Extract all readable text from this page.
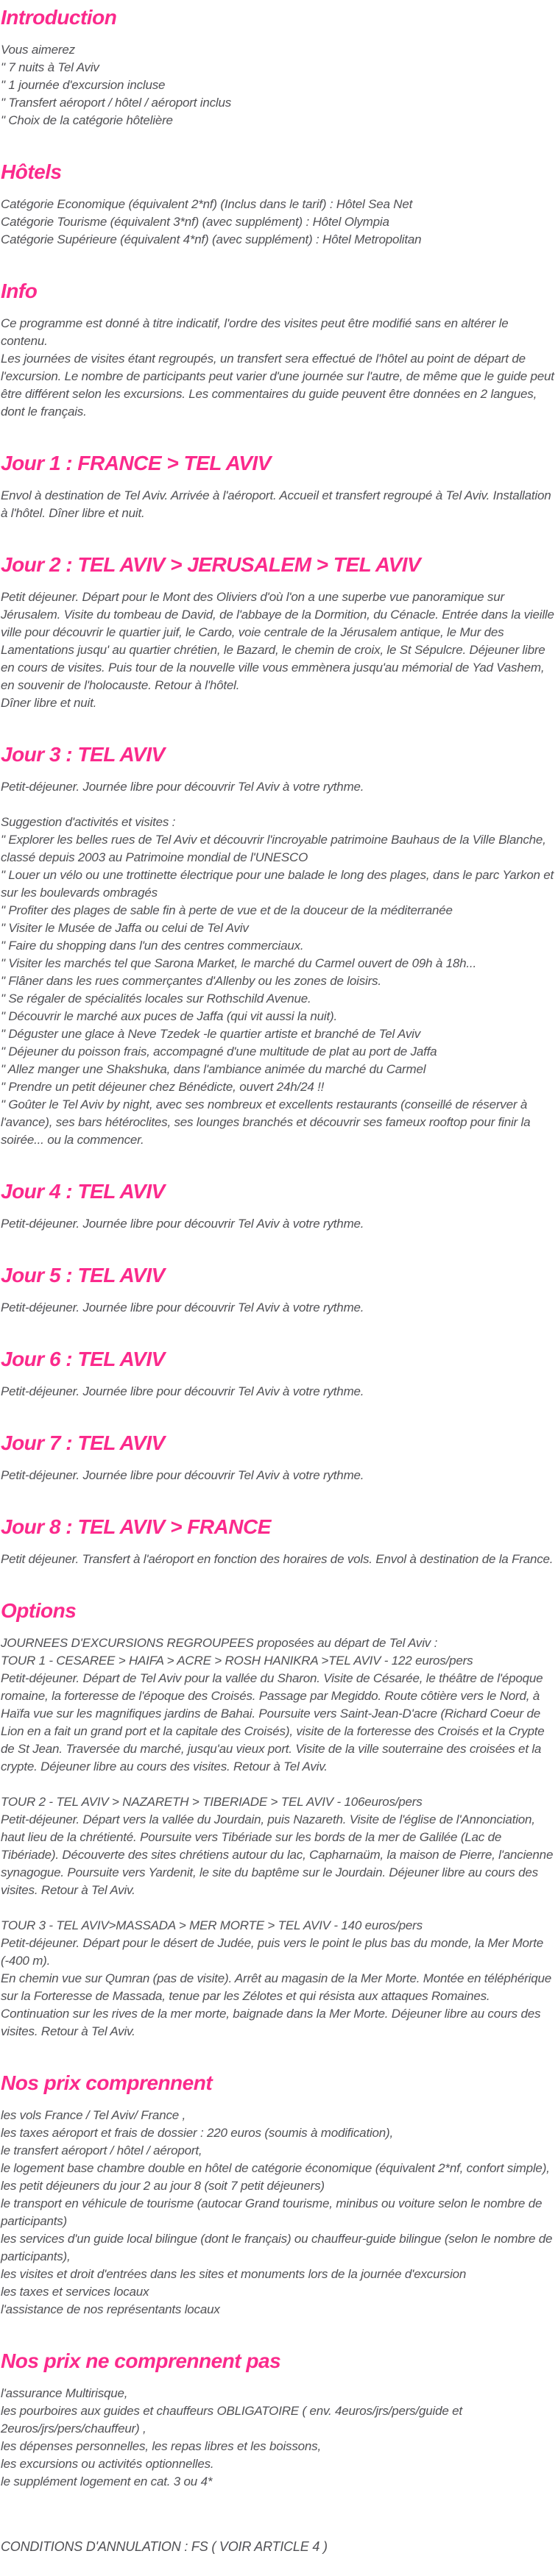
Introduction

Vous aimerez

" 7 nuits à Tel Aviv

" 1 journée d'excursion incluse

" Transfert aéroport / hôtel / aéroport inclus

" Choix de la catégorie hôtelière

Hôtels

Catégorie Economique (équivalent 2*nf) (Inclus dans le tarif) : Hôtel Sea Net

Catégorie Tourisme (équivalent 3*nf) (avec supplément) : Hôtel Olympia

Catégorie Supérieure (équivalent 4*nf) (avec supplément) : Hôtel Metropolitan

Info

Ce programme est donné à titre indicatif, l'ordre des visites peut être modifié sans en altérer le contenu.

Les journées de visites étant regroupés, un transfert sera effectué de l'hôtel au point de départ de l'excursion. Le nombre de participants peut varier d'une journée sur l'autre, de même que le guide peut être différent selon les excursions. Les commentaires du guide peuvent être données en 2 langues, dont le français.

Jour 1 : FRANCE > TEL AVIV

Envol à destination de Tel Aviv. Arrivée à l'aéroport. Accueil et transfert regroupé à Tel Aviv. Installation à l'hôtel. Dîner libre et nuit.

Jour 2 : TEL AVIV > JERUSALEM > TEL AVIV

Petit déjeuner. Départ pour le Mont des Oliviers d'où l'on a une superbe vue panoramique sur Jérusalem. Visite du tombeau de David, de l'abbaye de la Dormition, du Cénacle. Entrée dans la vieille ville pour découvrir le quartier juif, le Cardo, voie centrale de la Jérusalem antique, le Mur des Lamentations jusqu' au quartier chrétien, le Bazard, le chemin de croix, le St Sépulcre. Déjeuner libre en cours de visites. Puis tour de la nouvelle ville vous emmènera jusqu'au mémorial de Yad Vashem, en souvenir de l'holocauste. Retour à l'hôtel.

Dîner libre et nuit.

Jour 3 : TEL AVIV

Petit-déjeuner. Journée libre pour découvrir Tel Aviv à votre rythme.

Suggestion d'activités et visites :

" Explorer les belles rues de Tel Aviv et découvrir l'incroyable patrimoine Bauhaus de la Ville Blanche, classé depuis 2003 au Patrimoine mondial de l'UNESCO

" Louer un vélo ou une trottinette électrique pour une balade le long des plages, dans le parc Yarkon et sur les boulevards ombragés

" Profiter des plages de sable fin à perte de vue et de la douceur de la méditerranée

" Visiter le Musée de Jaffa ou celui de Tel Aviv

" Faire du shopping dans l'un des centres commerciaux.

" Visiter les marchés tel que Sarona Market, le marché du Carmel ouvert de 09h à 18h...

" Flâner dans les rues commerçantes d'Allenby ou les zones de loisirs.

" Se régaler de spécialités locales sur Rothschild Avenue.

" Découvrir le marché aux puces de Jaffa (qui vit aussi la nuit).

" Déguster une glace à Neve Tzedek -le quartier artiste et branché de Tel Aviv

" Déjeuner du poisson frais, accompagné d'une multitude de plat au port de Jaffa

" Allez manger une Shakshuka, dans l'ambiance animée du marché du Carmel

" Prendre un petit déjeuner chez Bénédicte, ouvert 24h/24 !!

" Goûter le Tel Aviv by night, avec ses nombreux et excellents restaurants (conseillé de réserver à l'avance), ses bars hétéroclites, ses lounges branchés et découvrir ses fameux rooftop pour finir la soirée... ou la commencer.

Jour 4 : TEL AVIV

Petit-déjeuner. Journée libre pour découvrir Tel Aviv à votre rythme.

Jour 5 : TEL AVIV

Petit-déjeuner. Journée libre pour découvrir Tel Aviv à votre rythme.

Jour 6 : TEL AVIV

Petit-déjeuner. Journée libre pour découvrir Tel Aviv à votre rythme.

Jour 7 : TEL AVIV

Petit-déjeuner. Journée libre pour découvrir Tel Aviv à votre rythme.

Jour 8 : TEL AVIV > FRANCE

Petit déjeuner. Transfert à l'aéroport en fonction des horaires de vols. Envol à destination de la France.

Options

JOURNEES D'EXCURSIONS REGROUPEES proposées au départ de Tel Aviv :

TOUR 1 - CESAREE > HAIFA > ACRE > ROSH HANIKRA >TEL AVIV - 122 euros/pers

Petit-déjeuner. Départ de Tel Aviv pour la vallée du Sharon. Visite de Césarée, le théâtre de l'époque romaine, la forteresse de l'époque des Croisés. Passage par Megiddo. Route côtière vers le Nord, à Haïfa vue sur les magnifiques jardins de Bahai. Poursuite vers Saint-Jean-D'acre (Richard Coeur de Lion en a fait un grand port et la capitale des Croisés), visite de la forteresse des Croisés et la Crypte de St Jean. Traversée du marché, jusqu'au vieux port. Visite de la ville souterraine des croisées et la crypte. Déjeuner libre au cours des visites. Retour à Tel Aviv.

TOUR 2 - TEL AVIV > NAZARETH > TIBERIADE > TEL AVIV - 106euros/pers

Petit-déjeuner. Départ vers la vallée du Jourdain, puis Nazareth. Visite de l'église de l'Annonciation, haut lieu de la chrétienté. Poursuite vers Tibériade sur les bords de la mer de Galilée (Lac de Tibériade). Découverte des sites chrétiens autour du lac, Capharnaüm, la maison de Pierre, l'ancienne synagogue. Poursuite vers Yardenit, le site du baptême sur le Jourdain. Déjeuner libre au cours des visites. Retour à Tel Aviv.

TOUR 3 - TEL AVIV>MASSADA > MER MORTE > TEL AVIV - 140 euros/pers

Petit-déjeuner. Départ pour le désert de Judée, puis vers le point le plus bas du monde, la Mer Morte (-400 m).

En chemin vue sur Qumran (pas de visite). Arrêt au magasin de la Mer Morte. Montée en téléphérique sur la Forteresse de Massada, tenue par les Zélotes et qui résista aux attaques Romaines. Continuation sur les rives de la mer morte, baignade dans la Mer Morte. Déjeuner libre au cours des visites. Retour à Tel Aviv.

Nos prix comprennent

les vols France / Tel Aviv/ France ,

les taxes aéroport et frais de dossier : 220 euros (soumis à modification),

le transfert aéroport / hôtel / aéroport,

le logement base chambre double en hôtel de catégorie économique (équivalent 2*nf, confort simple),

les petit déjeuners du jour 2 au jour 8 (soit 7 petit déjeuners)

le transport en véhicule de tourisme (autocar Grand tourisme, minibus ou voiture selon le nombre de participants)

les services d'un guide local bilingue (dont le français) ou chauffeur-guide bilingue (selon le nombre de participants),

les visites et droit d'entrées dans les sites et monuments lors de la journée d'excursion

les taxes et services locaux

l'assistance de nos représentants locaux

Nos prix ne comprennent pas

l'assurance Multirisque,

les pourboires aux guides et chauffeurs OBLIGATOIRE ( env. 4euros/jrs/pers/guide et 2euros/jrs/pers/chauffeur) ,

les dépenses personnelles, les repas libres et les boissons,

les excursions ou activités optionnelles.

le supplément logement en cat. 3 ou 4*

CONDITIONS D'ANNULATION : FS ( VOIR ARTICLE 4 )
